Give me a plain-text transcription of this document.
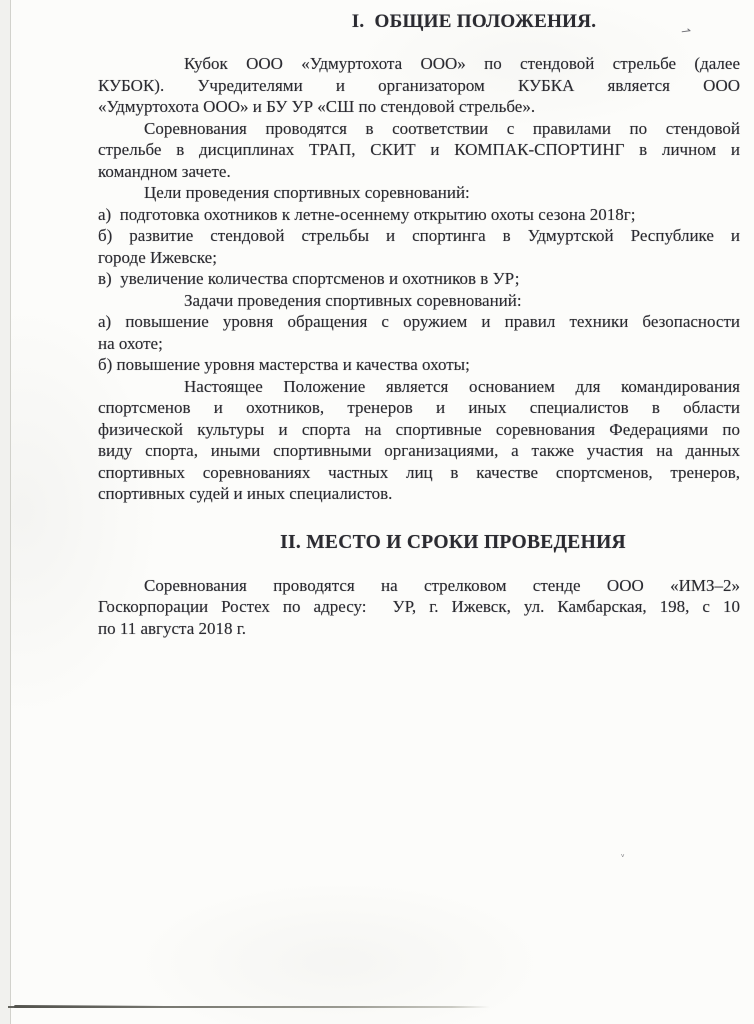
⇀
ᵥ
I.  ОБЩИЕ ПОЛОЖЕНИЯ.
Кубок ООО «Удмуртохота ООО» по стендовой стрельбе (далее
КУБОК). Учредителями и организатором КУБКА является ООО
«Удмуртохота ООО» и БУ УР «СШ по стендовой стрельбе».
Соревнования проводятся в соответствии с правилами по стендовой
стрельбе в дисциплинах ТРАП, СКИТ и КОМПАК-СПОРТИНГ в личном и
командном зачете.
Цели проведения спортивных соревнований:
а)  подготовка охотников к летне-осеннему открытию охоты сезона 2018г;
б) развитие стендовой стрельбы и спортинга в Удмуртской Республике и
городе Ижевске;
в)  увеличение количества спортсменов и охотников в УР;
Задачи проведения спортивных соревнований:
а) повышение уровня обращения с оружием и правил техники безопасности
на охоте;
б) повышение уровня мастерства и качества охоты;
Настоящее Положение является основанием для командирования
спортсменов и охотников, тренеров и иных специалистов в области
физической культуры и спорта на спортивные соревнования Федерациями по
виду спорта, иными спортивными организациями, а также участия на данных
спортивных соревнованиях частных лиц в качестве спортсменов, тренеров,
спортивных судей и иных специалистов.
II. МЕСТО И СРОКИ ПРОВЕДЕНИЯ
Соревнования проводятся на стрелковом стенде ООО «ИМЗ–2»
Госкорпорации Ростех по адресу:  УР, г. Ижевск, ул. Камбарская, 198, с 10
по 11 августа 2018 г.
